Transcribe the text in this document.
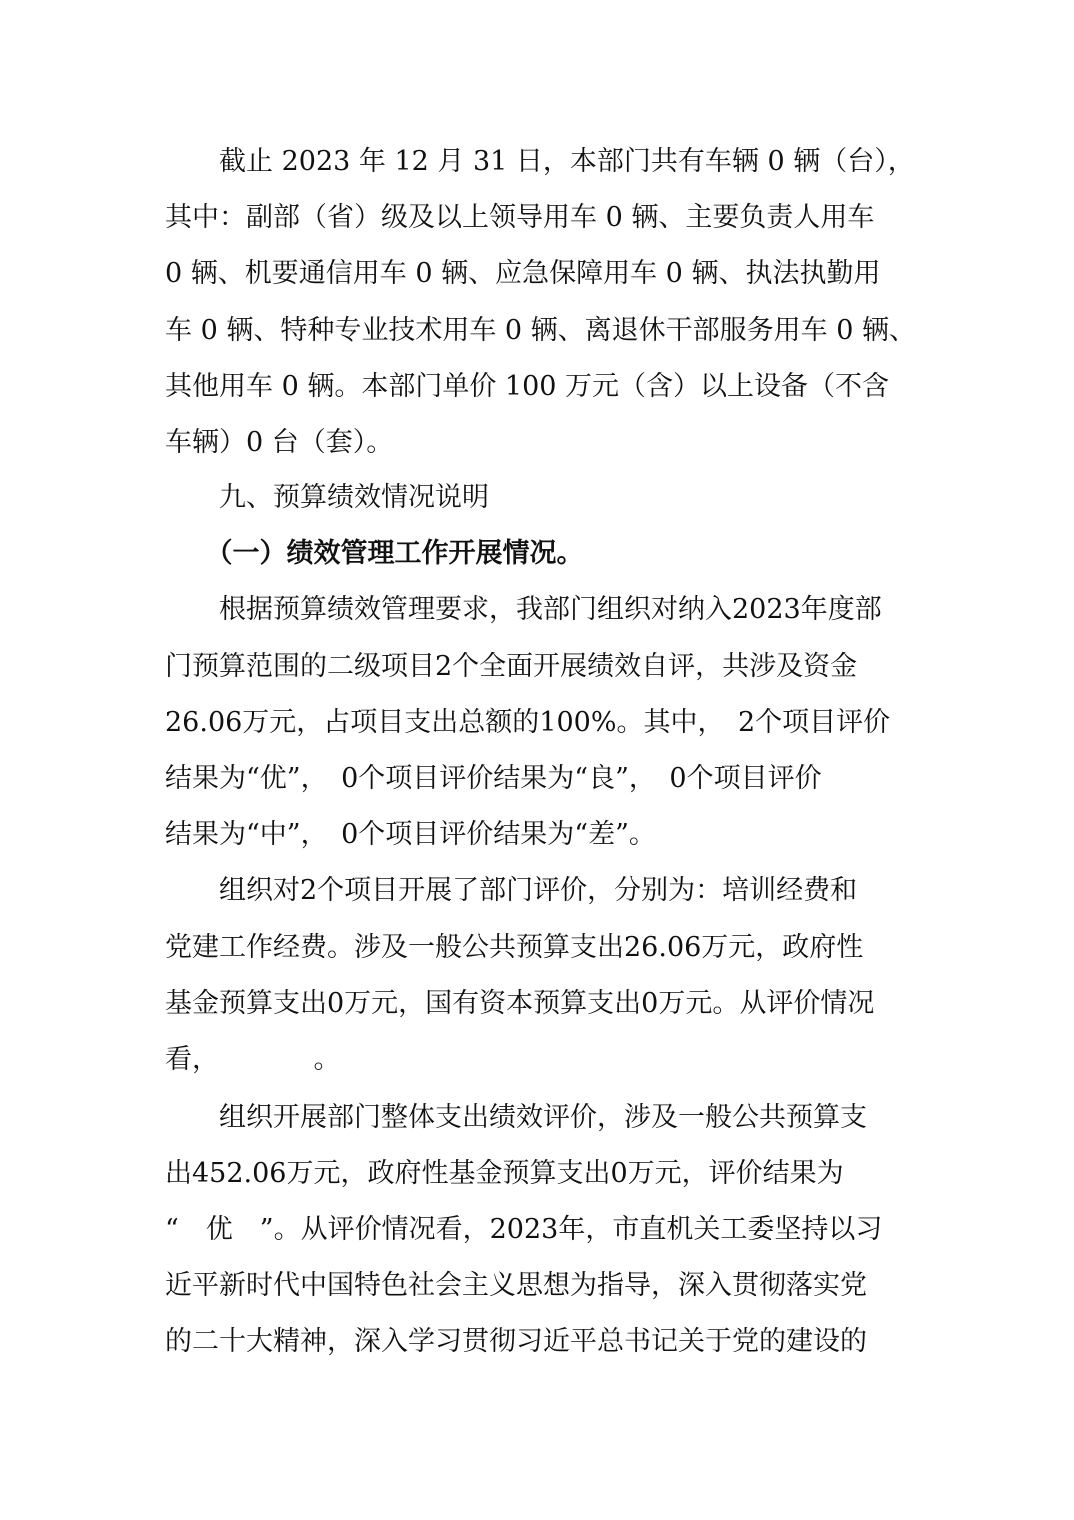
　　截止 2023 年 12 月 31 日，本部门共有车辆 0 辆（台），
其中：副部（省）级及以上领导用车 0 辆、主要负责人用车
0 辆、机要通信用车 0 辆、应急保障用车 0 辆、执法执勤用
车 0 辆、特种专业技术用车 0 辆、离退休干部服务用车 0 辆、
其他用车 0 辆。本部门单价 100 万元（含）以上设备（不含
车辆）0 台（套）。
　　九、预算绩效情况说明
　　（一）绩效管理工作开展情况。
　　根据预算绩效管理要求，我部门组织对纳入2023年度部
门预算范围的二级项目2个全面开展绩效自评，共涉及资金
26.06万元，占项目支出总额的100%。其中，　2个项目评价
结果为“优”，　0个项目评价结果为“良”，　0个项目评价
结果为“中”，　0个项目评价结果为“差”。
　　组织对2个项目开展了部门评价，分别为：培训经费和
党建工作经费。涉及一般公共预算支出26.06万元，政府性
基金预算支出0万元，国有资本预算支出0万元。从评价情况
看，　　　　。
　　组织开展部门整体支出绩效评价，涉及一般公共预算支
出452.06万元，政府性基金预算支出0万元，评价结果为
“　优　”。从评价情况看，2023年，市直机关工委坚持以习
近平新时代中国特色社会主义思想为指导，深入贯彻落实党
的二十大精神，深入学习贯彻习近平总书记关于党的建设的
